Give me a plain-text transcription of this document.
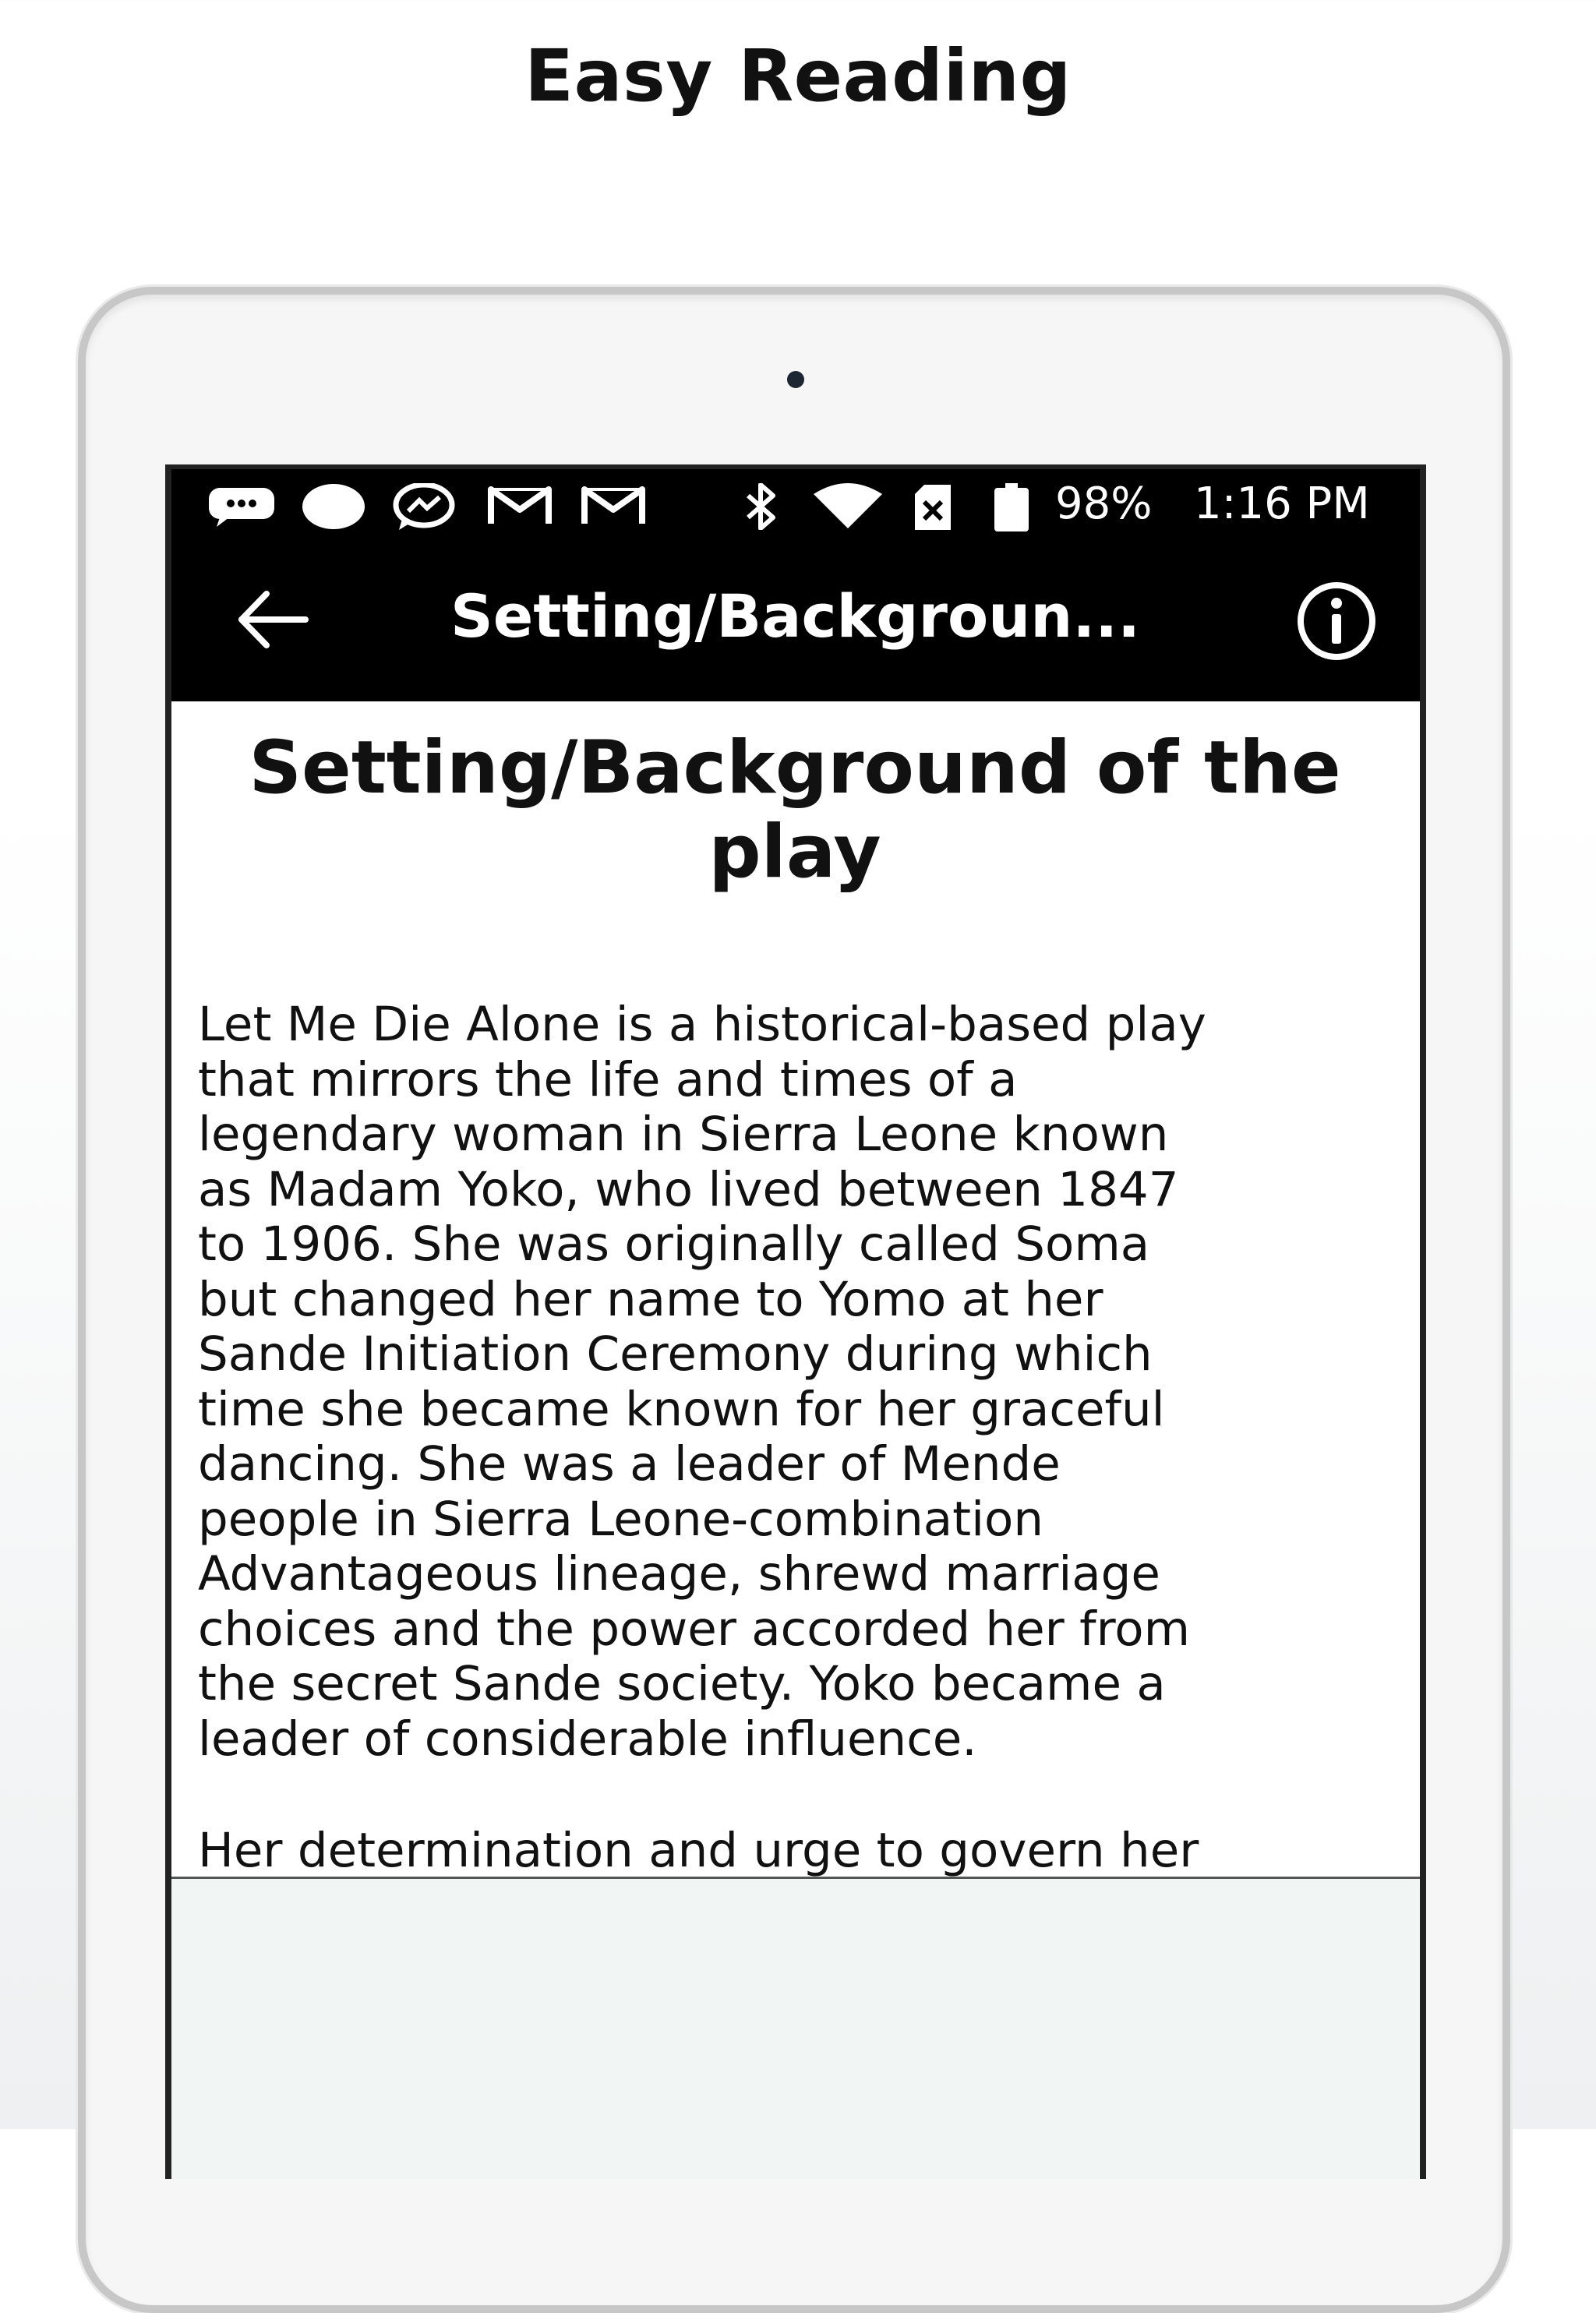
Easy Reading
98% 1:16 PM
Setting/Backgroun...
Setting/Background of the play

Let Me Die Alone is a historical-based play
that mirrors the life and times of a
legendary woman in Sierra Leone known
as Madam Yoko, who lived between 1847
to 1906. She was originally called Soma
but changed her name to Yomo at her
Sande Initiation Ceremony during which
time she became known for her graceful
dancing. She was a leader of Mende
people in Sierra Leone-combination
Advantageous lineage, shrewd marriage
choices and the power accorded her from
the secret Sande society. Yoko became a
leader of considerable influence.

Her determination and urge to govern her
